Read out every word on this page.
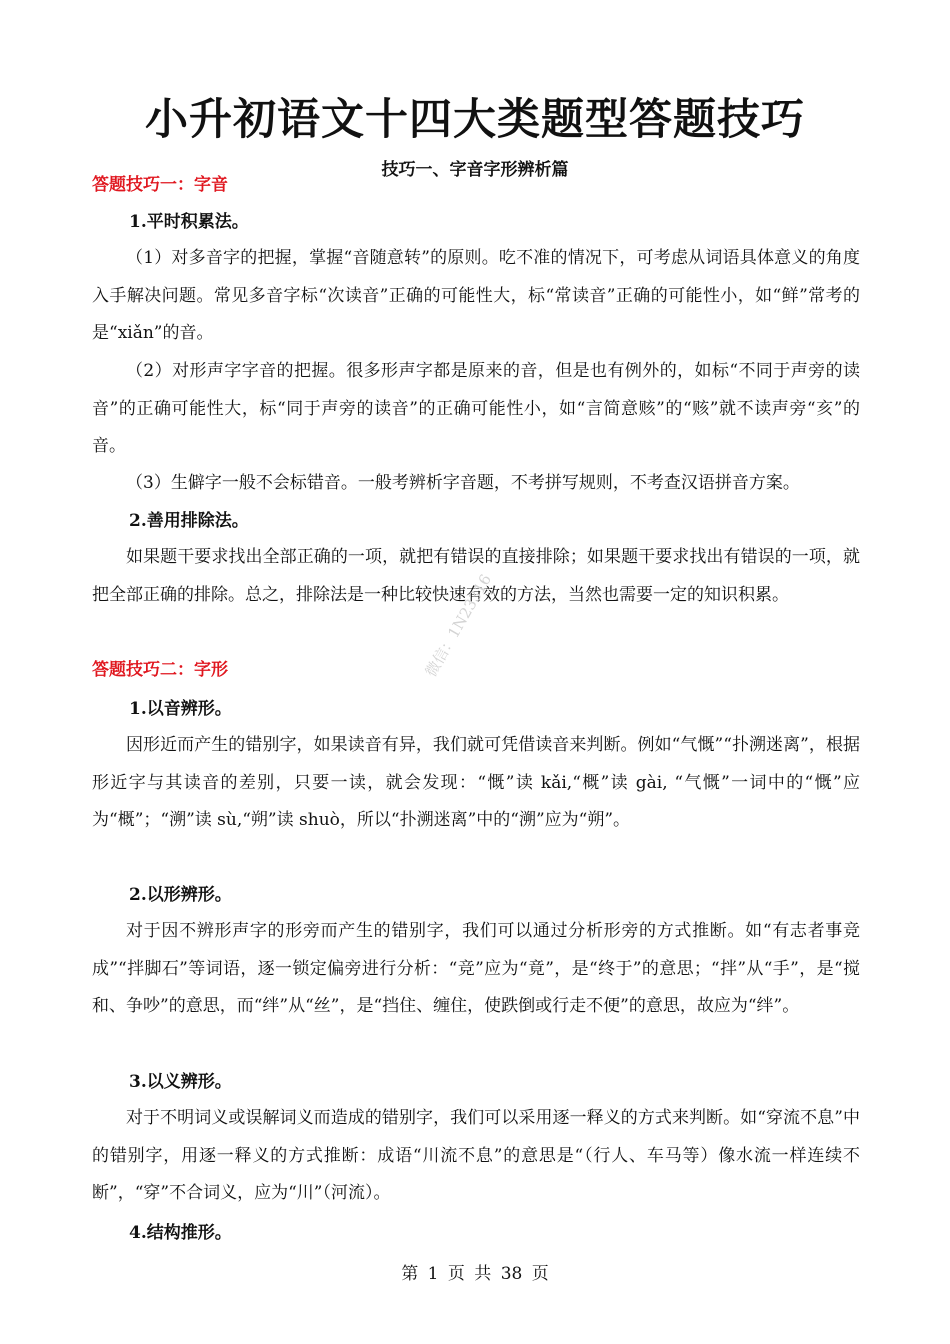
小升初语文十四大类题型答题技巧
技巧一、字音字形辨析篇
答题技巧一：字音
1.平时积累法。

（1）对多音字的把握，掌握“音随意转”的原则。吃不准的情况下，可考虑从词语具体意义的角度入手解决问题。常见多音字标“次读音”正确的可能性大，标“常读音”正确的可能性小，如“鲜”常考的是“xiǎn”的音。

（2）对形声字字音的把握。很多形声字都是原来的音，但是也有例外的，如标“不同于声旁的读音”的正确可能性大，标“同于声旁的读音”的正确可能性小，如“言简意赅”的“赅”就不读声旁“亥”的音。

（3）生僻字一般不会标错音。一般考辨析字音题，不考拼写规则，不考查汉语拼音方案。

2.善用排除法。

如果题干要求找出全部正确的一项，就把有错误的直接排除；如果题干要求找出有错误的一项，就把全部正确的排除。总之，排除法是一种比较快速有效的方法，当然也需要一定的知识积累。

答题技巧二：字形
1.以音辨形。

因形近而产生的错别字，如果读音有异，我们就可凭借读音来判断。例如“气慨”“扑溯迷离”，根据形近字与其读音的差别，只要一读，就会发现：“慨”读 kǎi,“概”读 gài, “气慨”一词中的“慨”应为“概”；“溯”读 sù,“朔”读 shuò，所以“扑溯迷离”中的“溯”应为“朔”。

2.以形辨形。

对于因不辨形声字的形旁而产生的错别字，我们可以通过分析形旁的方式推断。如“有志者事竞成”“拌脚石”等词语，逐一锁定偏旁进行分析：“竞”应为“竟”，是“终于”的意思；“拌”从“手”，是“搅和、争吵”的意思，而“绊”从“丝”，是“挡住、缠住，使跌倒或行走不便”的意思，故应为“绊”。

3.以义辨形。

对于不明词义或误解词义而造成的错别字，我们可以采用逐一释义的方式来判断。如“穿流不息”中的错别字，用逐一释义的方式推断：成语“川流不息”的意思是“（行人、车马等）像水流一样连续不断”，“穿”不合词义，应为“川”（河流）。

4.结构推形。
微信：1N23316
第 1 页 共 38 页
